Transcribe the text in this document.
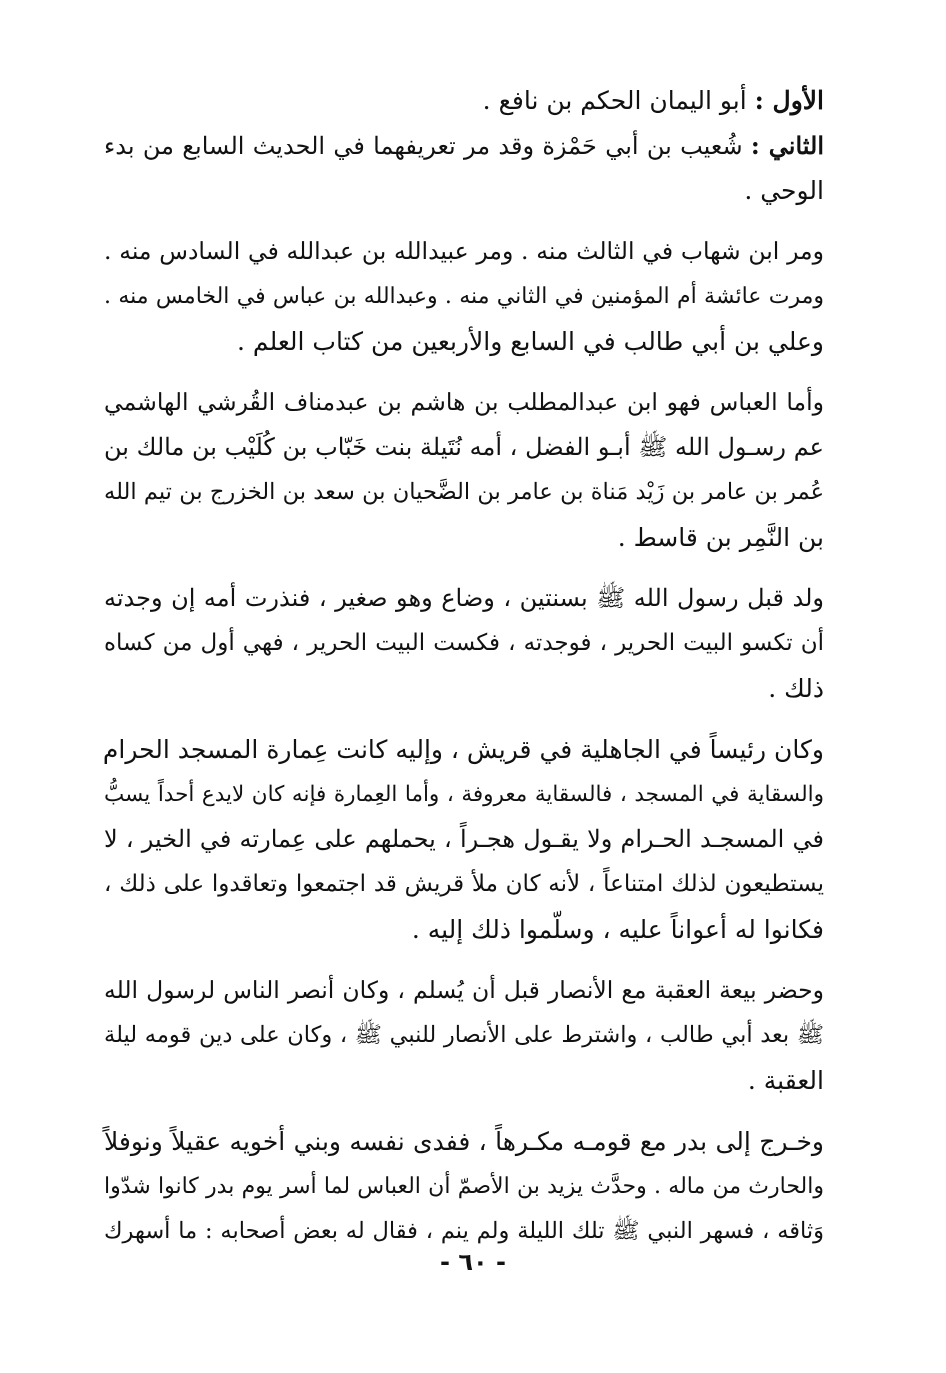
الأول : أبو اليمان الحكم بن نافع .
الثاني : شُعيب بن أبي حَمْزة وقد مر تعريفهما في الحديث السابع من بدء
الوحي .
ومر ابن شهاب في الثالث منه . ومر عبيدالله بن عبدالله في السادس منه .
ومرت عائشة أم المؤمنين في الثاني منه . وعبدالله بن عباس في الخامس منه .
وعلي بن أبي طالب في السابع والأربعين من كتاب العلم .
وأما العباس فهو ابن عبدالمطلب بن هاشم بن عبدمناف القُرشي الهاشمي
عم رسـول الله ﷺ أبـو الفضل ، أمه نُتَيلة بنت خَبّاب بن كُلَيْب بن مالك بن
عُمر بن عامر بن زَيْد مَناة بن عامر بن الضَّحيان بن سعد بن الخزرج بن تيم الله
بن النَّمِر بن قاسط .
ولد قبل رسول الله ﷺ بسنتين ، وضاع وهو صغير ، فنذرت أمه إن وجدته
أن تكسو البيت الحرير ، فوجدته ، فكست البيت الحرير ، فهي أول من كساه
ذلك .
وكان رئيساً في الجاهلية في قريش ، وإليه كانت عِمارة المسجد الحرام
والسقاية في المسجد ، فالسقاية معروفة ، وأما العِمارة فإنه كان لايدع أحداً يسبُّ
في المسجـد الحـرام ولا يقـول هجـراً ، يحملهم على عِمارته في الخير ، لا
يستطيعون لذلك امتناعاً ، لأنه كان ملأ قريش قد اجتمعوا وتعاقدوا على ذلك ،
فكانوا له أعواناً عليه ، وسلّموا ذلك إليه .
وحضر بيعة العقبة مع الأنصار قبل أن يُسلم ، وكان أنصر الناس لرسول الله
ﷺ بعد أبي طالب ، واشترط على الأنصار للنبي ﷺ ، وكان على دين قومه ليلة
العقبة .
وخـرج إلى بدر مع قومـه مكـرهاً ، ففدى نفسه وبني أخويه عقيلاً ونوفلاً
والحارث من ماله . وحدَّث يزيد بن الأصمّ أن العباس لما أسر يوم بدر كانوا شدّوا
وَثاقه ، فسهر النبي ﷺ تلك الليلة ولم ينم ، فقال له بعض أصحابه : ما أسهرك
- ٦٠ -
